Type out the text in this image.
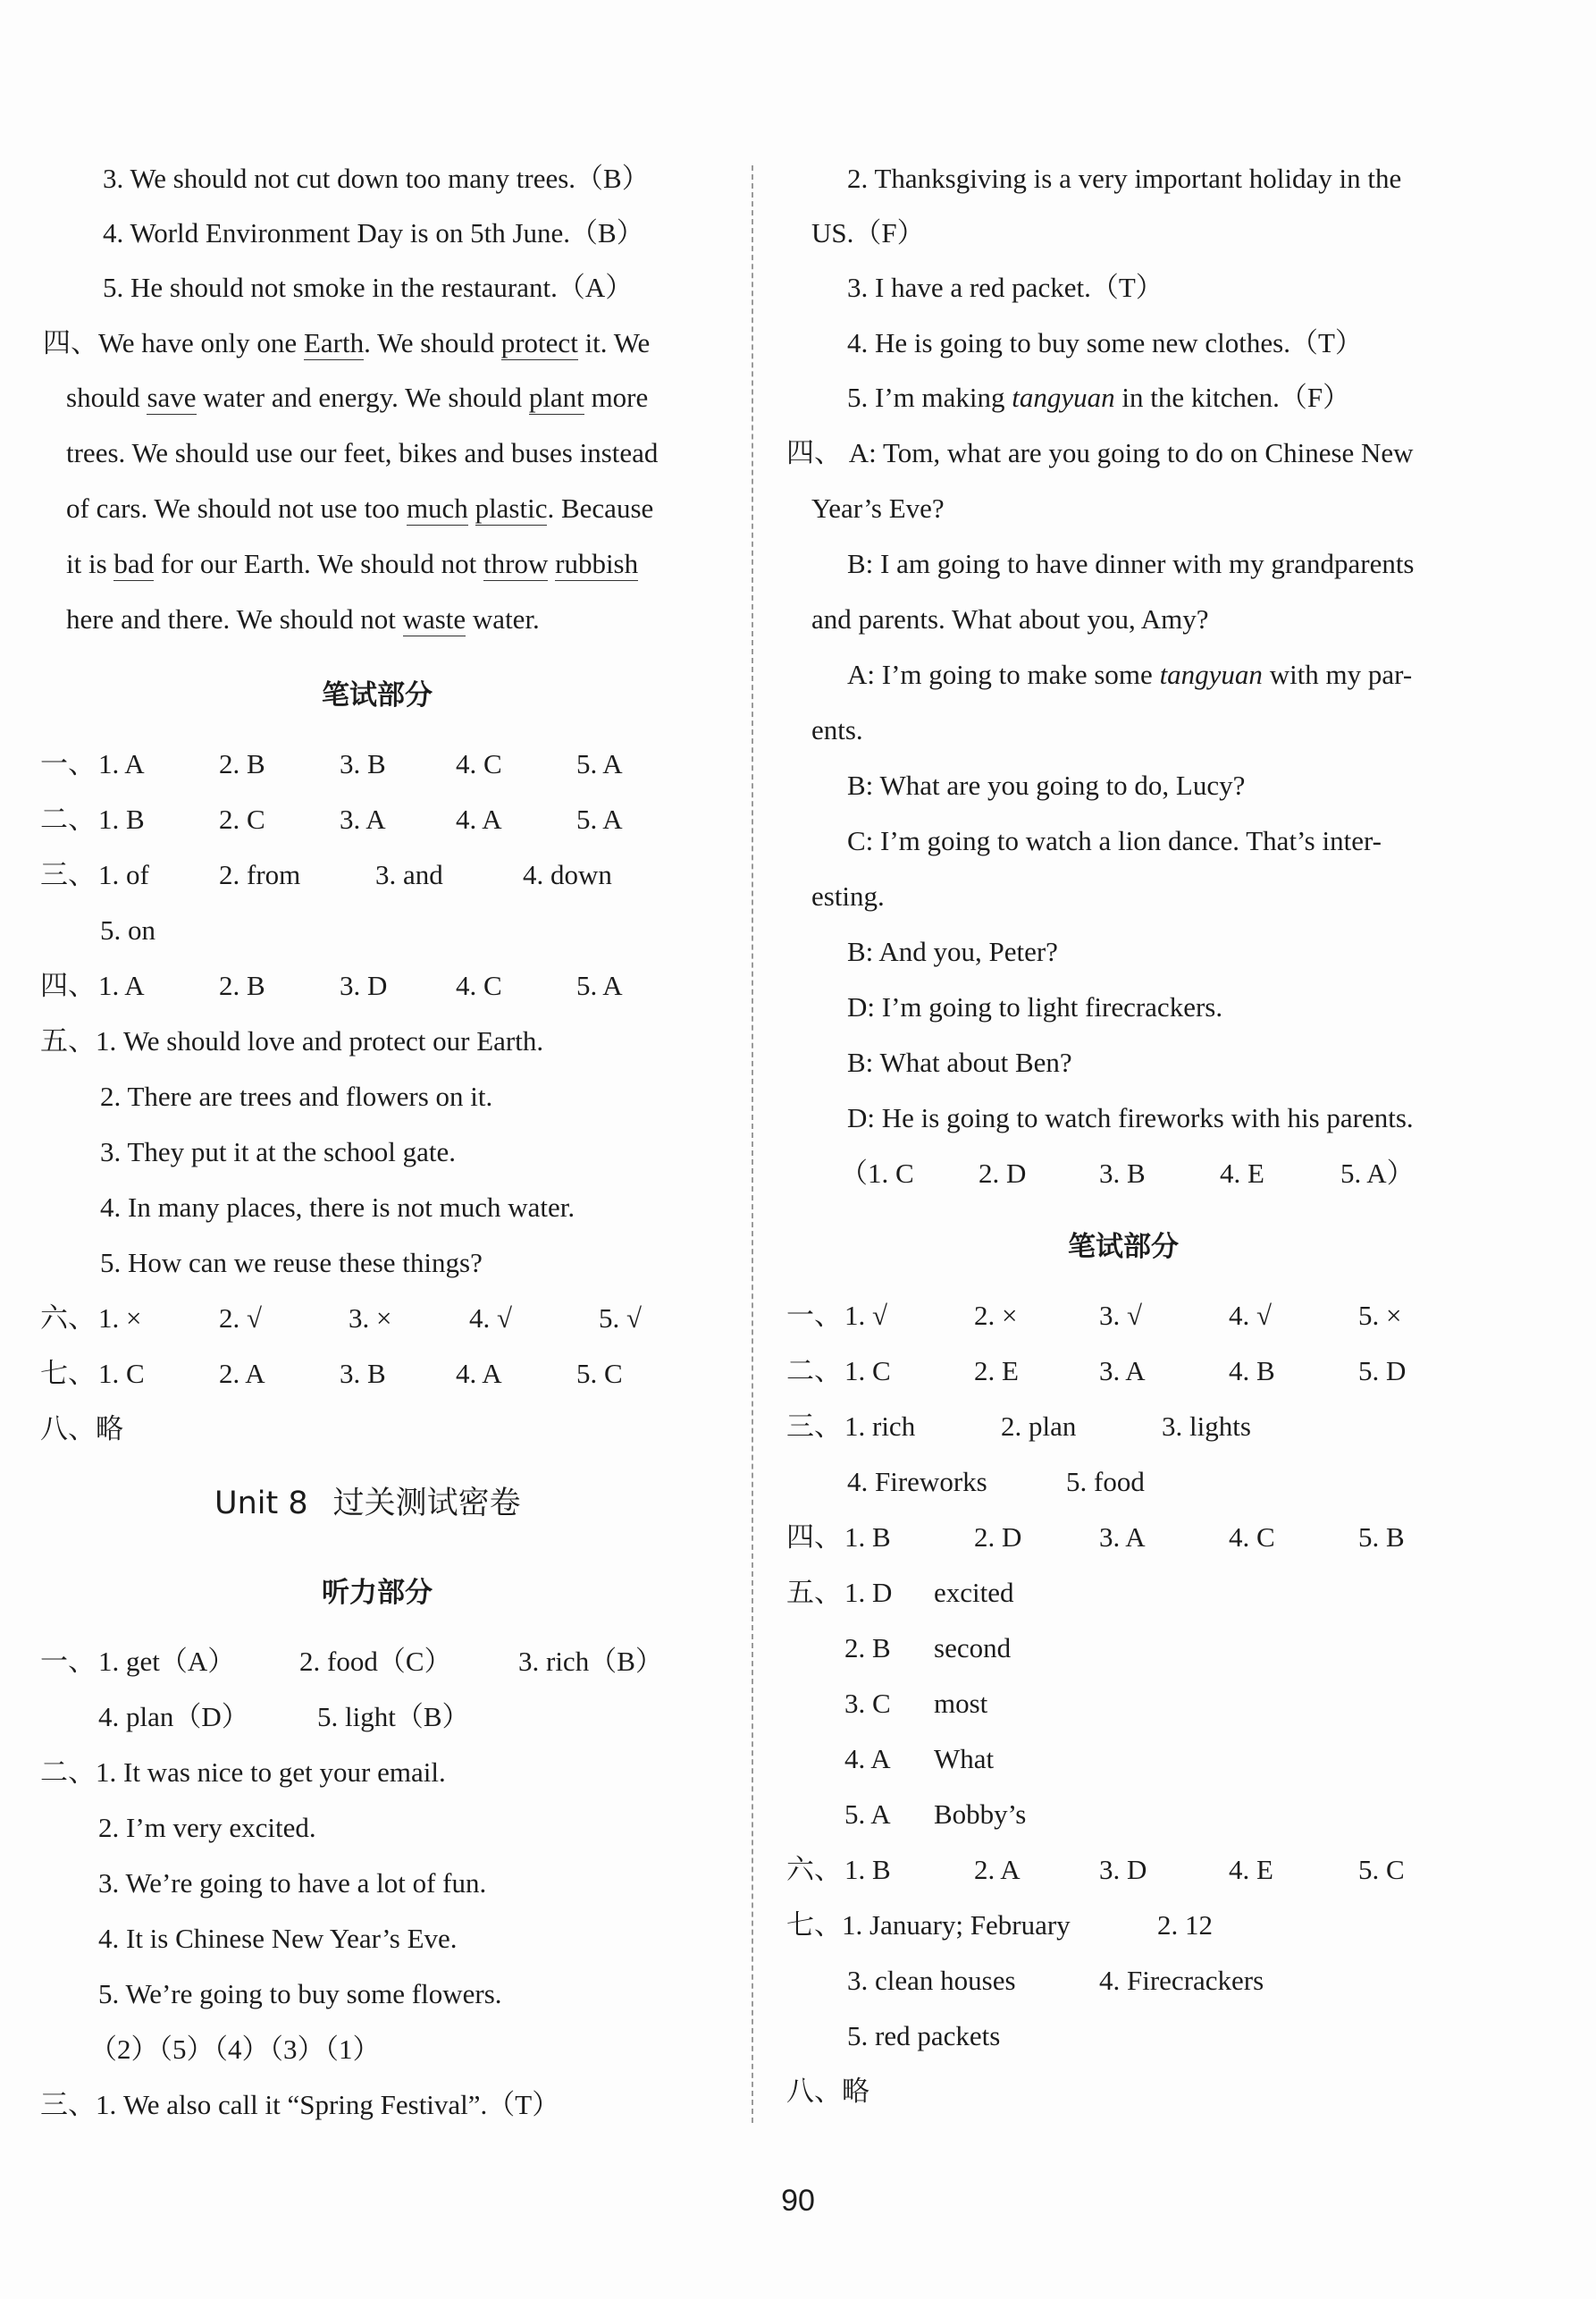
3. We should not cut down too many trees.（B）
4. World Environment Day is on 5th June.（B）
5. He should not smoke in the restaurant.（A）
四、We have only one Earth. We should protect it. We
should save water and energy. We should plant more
trees. We should use our feet, bikes and buses instead
of cars. We should not use too much plastic. Because
it is bad for our Earth. We should not throw rubbish
here and there. We should not waste water.
笔试部分
一、 1. A	2. B	3. B	4. C	5. A
二、 1. B	2. C	3. A	4. A	5. A
三、 1. of	2. from	3. and	4. down
5. on
四、 1. A	2. B	3. D 4. C	5. A
五、1. We should love and protect our Earth.
2. There are trees and flowers on it.
3. They put it at the school gate.
4. In many places, there is not much water.
5. How can we reuse these things?
六、 1. ×	2. √	3. ×	4. √	5. √
七、 1. C	2. A	3. B	4. A	5. C
八、略
Unit 8 过关测试密卷
听力部分
一、 1. get（A） 2. food（C） 3. rich（B）
4. plan（D） 5. light（B）
二、1. It was nice to get your email.
2. I’m very excited.
3. We’re going to have a lot of fun.
4. It is Chinese New Year’s Eve.
5. We’re going to buy some flowers.
（2）（5）（4）（3）（1）
三、1. We also call it “Spring Festival”.（T）
2. Thanksgiving is a very important holiday in the
US.（F）
3. I have a red packet.（T）
4. He is going to buy some new clothes.（T）
5. I’m making tangyuan in the kitchen.（F）
四、 A: Tom, what are you going to do on Chinese New
Year’s Eve?
B: I am going to have dinner with my grandparents
and parents. What about you, Amy?
A: I’m going to make some tangyuan with my par-
ents.
B: What are you going to do, Lucy?
C: I’m going to watch a lion dance. That’s inter-
esting.
B: And you, Peter?
D: I’m going to light firecrackers.
B: What about Ben?
D: He is going to watch fireworks with his parents.
（1. C 2. D	3. B	4. E	5. A）
笔试部分
一、 1. √	2. ×	3. √	4. √	5. ×
二、 1. C	2. E	3. A	4. B	5. D
三、 1. rich	2. plan	3. lights
4. Fireworks	5. food
四、 1. B	2. D	3. A	4. C	5. B
五、 1. D excited
2. B second
3. C most
4. A What
5. A Bobby’s
六、 1. B	2. A	3. D	4. E	5. C
七、1. January; February	2. 12
3. clean houses	4. Firecrackers
5. red packets
八、略
90
